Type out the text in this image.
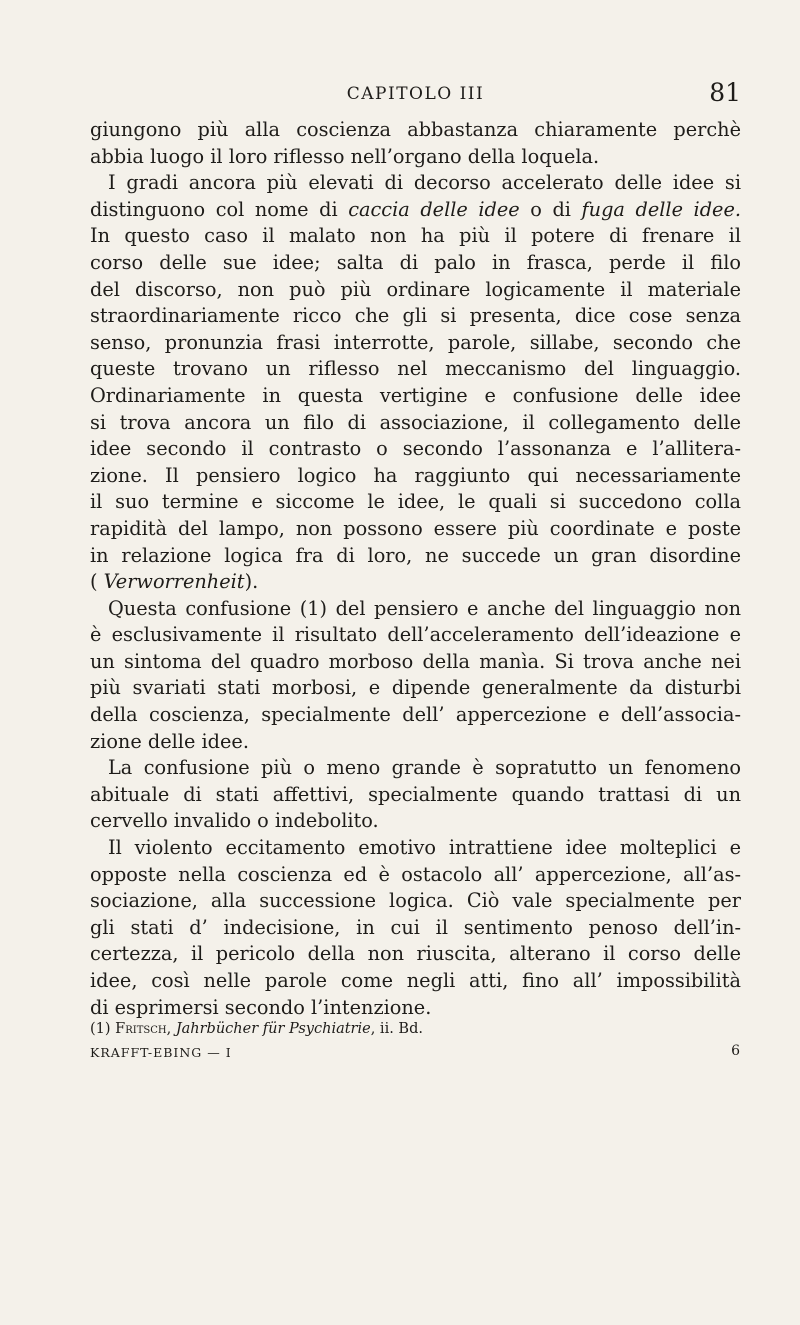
CAPITOLO III	81

giungono più alla coscienza abbastanza chiaramente perchè

abbia luogo il loro riflesso nell’organo della loquela.

I gradi ancora più elevati di decorso accelerato delle idee si

distinguono col nome di caccia delle idee o di fuga delle idee.

In questo caso il malato non ha più il potere di frenare il

corso delle sue idee; salta di palo in frasca, perde il filo

del discorso, non può più ordinare logicamente il materiale

straordinariamente ricco che gli si presenta, dice cose senza

senso, pronunzia frasi interrotte, parole, sillabe, secondo che

queste trovano un riflesso nel meccanismo del linguaggio.

Ordinariamente in questa vertigine e confusione delle idee

si trova ancora un filo di associazione, il collegamento delle

idee secondo il contrasto o secondo l’assonanza e l’allitera-

zione. Il pensiero logico ha raggiunto qui necessariamente

il suo termine e siccome le idee, le quali si succedono colla

rapidità del lampo, non possono essere più coordinate e poste

in relazione logica fra di loro, ne succede un gran disordine

( Verworrenheit).

Questa confusione (1) del pensiero e anche del linguaggio non

è esclusivamente il risultato dell’acceleramento dell’ideazione e

un sintoma del quadro morboso della manìa. Si trova anche nei

più svariati stati morbosi, e dipende generalmente da disturbi

della coscienza, specialmente dell’ appercezione e dell’associa-

zione delle idee.

La confusione più o meno grande è sopratutto un fenomeno

abituale di stati affettivi, specialmente quando trattasi di un

cervello invalido o indebolito.

Il violento eccitamento emotivo intrattiene idee molteplici e

opposte nella coscienza ed è ostacolo all’ appercezione, all’as-

sociazione, alla successione logica. Ciò vale specialmente per

gli stati d’ indecisione, in cui il sentimento penoso dell’in-

certezza, il pericolo della non riuscita, alterano il corso delle

idee, così nelle parole come negli atti, fino all’ impossibilità

di esprimersi secondo l’intenzione.

(1) Fritsch, Jahrbücher für Psychiatrie, ii. Bd.
KRAFFT-EBING — I	6
